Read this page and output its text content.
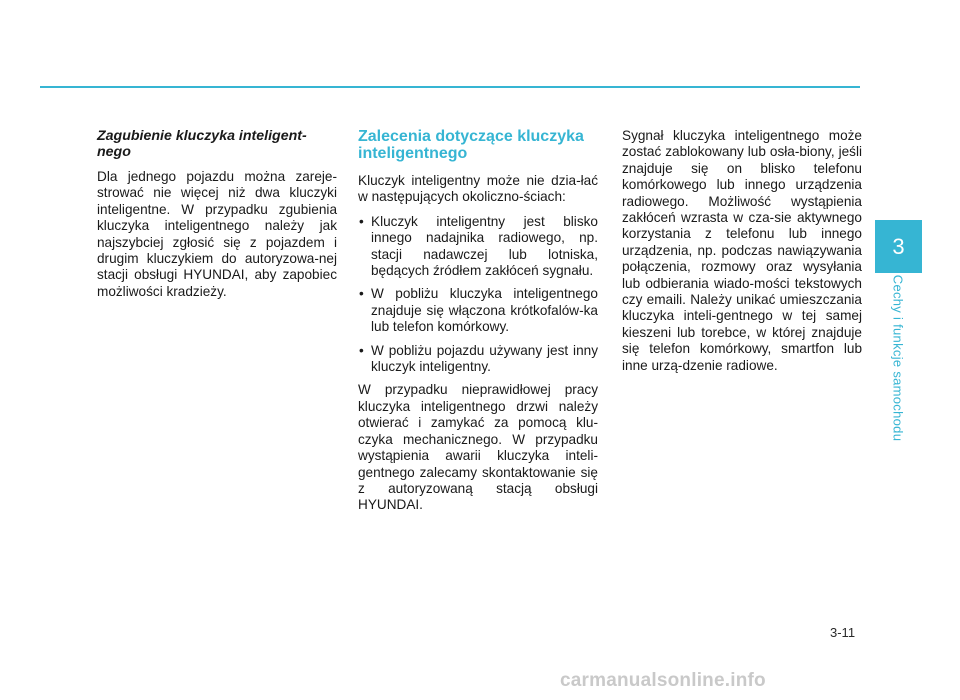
Zagubienie kluczyka inteligent-nego

Dla jednego pojazdu można zareje-strować nie więcej niż dwa kluczyki inteligentne. W przypadku zgubienia kluczyka inteligentnego należy jak najszybciej zgłosić się z pojazdem i drugim kluczykiem do autoryzowa-nej stacji obsługi HYUNDAI, aby zapobiec możliwości kradzieży.

Zalecenia dotyczące kluczyka inteligentnego

Kluczyk inteligentny może nie dzia-łać w następujących okoliczno-ściach:

• Kluczyk inteligentny jest blisko innego nadajnika radiowego, np. stacji nadawczej lub lotniska, będących źródłem zakłóceń sygnału.
• W pobliżu kluczyka inteligentnego znajduje się włączona krótkofalów-ka lub telefon komórkowy.
• W pobliżu pojazdu używany jest inny kluczyk inteligentny.

W przypadku nieprawidłowej pracy kluczyka inteligentnego drzwi należy otwierać i zamykać za pomocą klu-czyka mechanicznego. W przypadku wystąpienia awarii kluczyka inteli-gentnego zalecamy skontaktowanie się z autoryzowaną stacją obsługi HYUNDAI.

Sygnał kluczyka inteligentnego może zostać zablokowany lub osła-biony, jeśli znajduje się on blisko telefonu komórkowego lub innego urządzenia radiowego. Możliwość wystąpienia zakłóceń wzrasta w cza-sie aktywnego korzystania z telefonu lub innego urządzenia, np. podczas nawiązywania połączenia, rozmowy oraz wysyłania lub odbierania wiado-mości tekstowych czy emaili. Należy unikać umieszczania kluczyka inteli-gentnego w tej samej kieszeni lub torebce, w której znajduje się telefon komórkowy, smartfon lub inne urzą-dzenie radiowe.

3
Cechy i funkcje samochodu
3-11
carmanualsonline.info
